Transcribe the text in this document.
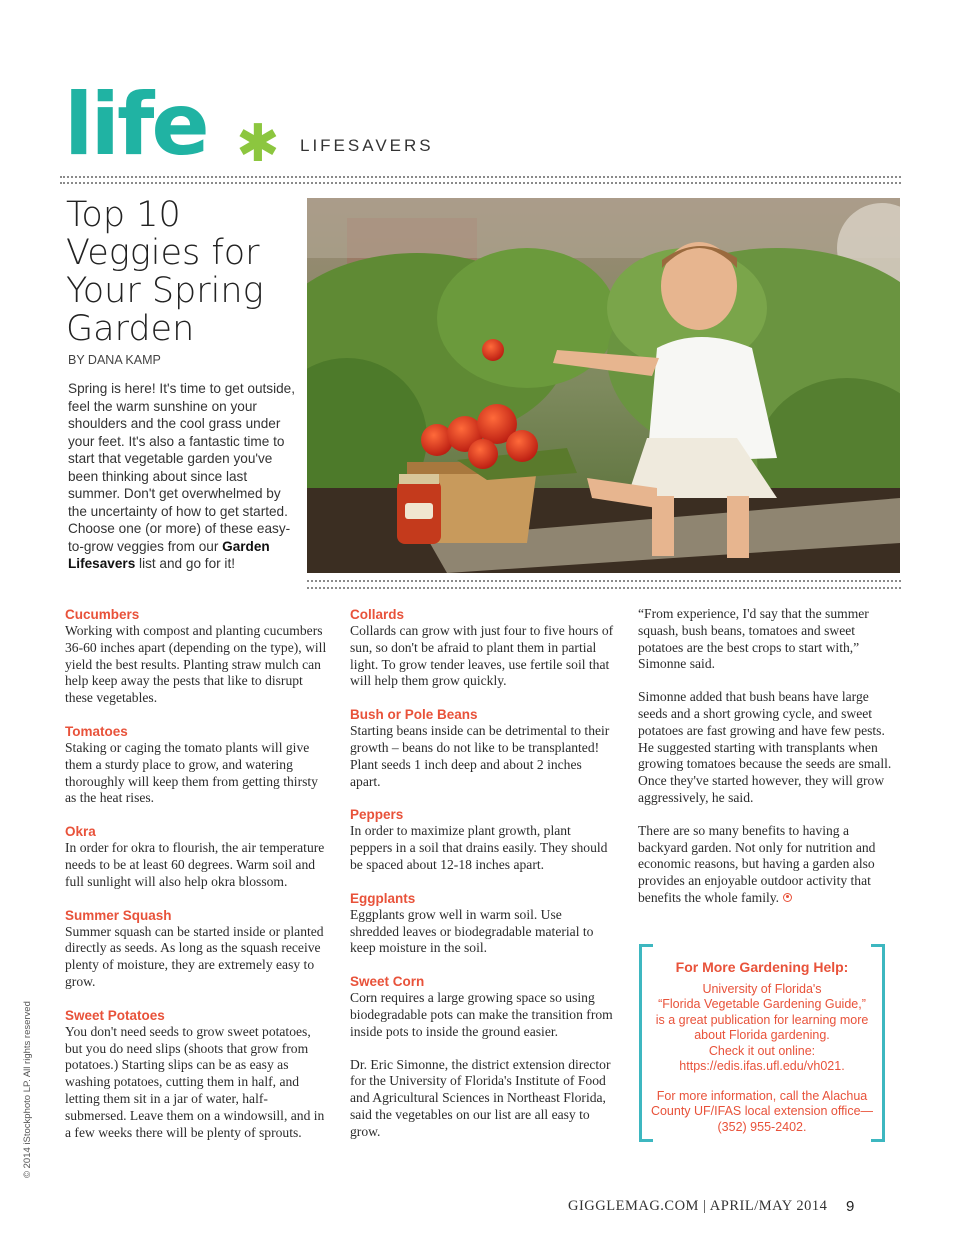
life ✱ LIFESAVERS
Top 10 Veggies for Your Spring Garden
BY DANA KAMP

Spring is here! It's time to get outside, feel the warm sunshine on your shoulders and the cool grass under your feet. It's also a fantastic time to start that vegetable garden you've been thinking about since last summer. Don't get overwhelmed by the uncertainty of how to get started. Choose one (or more) of these easy-to-grow veggies from our Garden Lifesavers list and go for it!

Cucumbers
Working with compost and planting cucumbers 36-60 inches apart (depending on the type), will yield the best results. Planting straw mulch can help keep away the pests that like to disrupt these vegetables.
Tomatoes
Staking or caging the tomato plants will give them a sturdy place to grow, and watering thoroughly will keep them from getting thirsty as the heat rises.
Okra
In order for okra to flourish, the air temperature needs to be at least 60 degrees. Warm soil and full sunlight will also help okra blossom.
Summer Squash
Summer squash can be started inside or planted directly as seeds. As long as the squash receive plenty of moisture, they are extremely easy to grow.
Sweet Potatoes
You don't need seeds to grow sweet potatoes, but you do need slips (shoots that grow from potatoes.) Starting slips can be as easy as washing potatoes, cutting them in half, and letting them sit in a jar of water, half-submersed. Leave them on a windowsill, and in a few weeks there will be plenty of sprouts.
Collards
Collards can grow with just four to five hours of sun, so don't be afraid to plant them in partial light. To grow tender leaves, use fertile soil that will help them grow quickly.
Bush or Pole Beans
Starting beans inside can be detrimental to their growth – beans do not like to be transplanted! Plant seeds 1 inch deep and about 2 inches apart.
Peppers
In order to maximize plant growth, plant peppers in a soil that drains easily. They should be spaced about 12-18 inches apart.
Eggplants
Eggplants grow well in warm soil. Use shredded leaves or biodegradable material to keep moisture in the soil.
Sweet Corn
Corn requires a large growing space so using biodegradable pots can make the transition from inside pots to inside the ground easier.

Dr. Eric Simonne, the district extension director for the University of Florida's Institute of Food and Agricultural Sciences in Northeast Florida, said the vegetables on our list are all easy to grow.

“From experience, I'd say that the summer squash, bush beans, tomatoes and sweet potatoes are the best crops to start with,” Simonne said.

Simonne added that bush beans have large seeds and a short growing cycle, and sweet potatoes are fast growing and have few pests. He suggested starting with transplants when growing tomatoes because the seeds are small. Once they've started however, they will grow aggressively, he said.

There are so many benefits to having a backyard garden. Not only for nutrition and economic reasons, but having a garden also provides an enjoyable outdoor activity that benefits the whole family.

For More Gardening Help:
University of Florida's
“Florida Vegetable Gardening Guide,”
is a great publication for learning more
about Florida gardening.
Check it out online:
https://edis.ifas.ufl.edu/vh021.
For more information, call the Alachua
County UF/IFAS local extension office—
(352) 955-2402.
© 2014 iStockphoto LP. All rights reserved
GIGGLEMAG.COM | APRIL/MAY 2014 9
